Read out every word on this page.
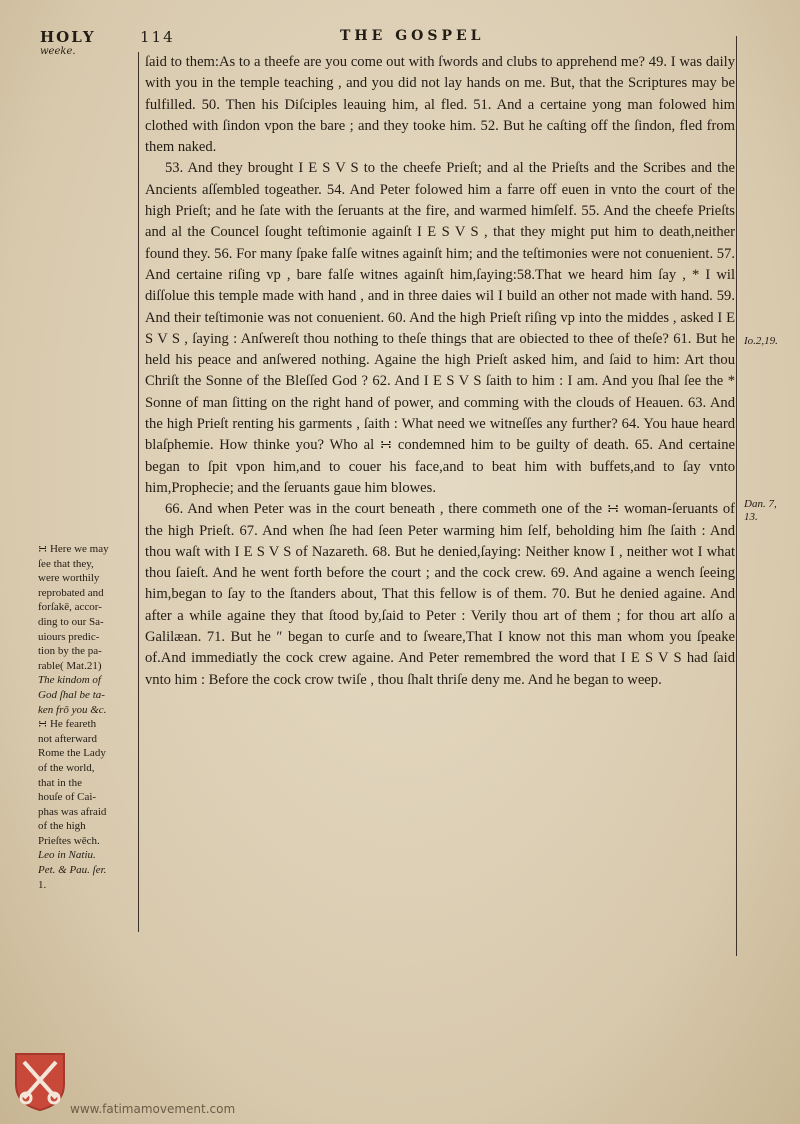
HOLY
weeke.
114	THE GOSPEL

ſaid to them:As to a theefe are you come out with ſwords and clubs to apprehend me? 49. I was daily with you in the temple teaching , and you did not lay hands on me. But, that the Scriptures may be fulfilled. 50. Then his Diſciples leauing him, al fled. 51. And a certaine yong man folowed him clothed with ſindon vpon the bare ; and they tooke him. 52. But he caſting off the ſindon, fled from them naked.

53. And they brought I E S V S to the cheefe Prieſt; and al the Prieſts and the Scribes and the Ancients aſſembled togeather. 54. And Peter folowed him a farre off euen in vnto the court of the high Prieſt; and he ſate with the ſeruants at the fire, and warmed himſelf. 55. And the cheefe Prieſts and al the Councel ſought teſtimonie againſt I E S V S , that they might put him to death,neither found they. 56. For many ſpake falſe witnes againſt him; and the teſtimonies were not conuenient. 57. And certaine riſing vp , bare falſe witnes againſt him,ſaying:58.That we heard him ſay , * I wil diſſolue this temple made with hand , and in three daies wil I build an other not made with hand. 59. And their teſtimonie was not conuenient. 60. And the high Prieſt riſing vp into the middes , asked I E S V S , ſaying : Anſwereſt thou nothing to theſe things that are obiected to thee of theſe? 61. But he held his peace and anſwered nothing. Againe the high Prieſt asked him, and ſaid to him: Art thou Chriſt the Sonne of the Bleſſed God ? 62. And I E S V S ſaith to him : I am. And you ſhal ſee the * Sonne of man ſitting on the right hand of power, and comming with the clouds of Heauen. 63. And the high Prieſt renting his garments , ſaith : What need we witneſſes any further? 64. You haue heard blaſphemie. How thinke you? Who al ∺ condemned him to be guilty of death. 65. And certaine began to ſpit vpon him,and to couer his face,and to beat him with buffets,and to ſay vnto him,Prophecie; and the ſeruants gaue him blowes.

66. And when Peter was in the court beneath , there commeth one of the ∺ woman-ſeruants of the high Prieſt. 67. And when ſhe had ſeen Peter warming him ſelf, beholding him ſhe ſaith : And thou waſt with I E S V S of Nazareth. 68. But he denied,ſaying: Neither know I , neither wot I what thou ſaieſt. And he went forth before the court ; and the cock crew. 69. And againe a wench ſeeing him,began to ſay to the ſtanders about, That this fellow is of them. 70. But he denied againe. And after a while againe they that ſtood by,ſaid to Peter : Verily thou art of them ; for thou art alſo a Galilæan. 71. But he ″ began to curſe and to ſweare,That I know not this man whom you ſpeake of.And immediatly the cock crew againe. And Peter remembred the word that I E S V S had ſaid vnto him : Before the cock crow twiſe , thou ſhalt thriſe deny me. And he began to weep.

∺ Here we may
ſee that they,
were worthily
reprobated and
forſakē, accor-
ding to our Sa-
uiours predic-
tion by the pa-
rable( Mat.21)
The kindom of
God ſhal be ta-
ken frō you &c.
∺ He feareth
not afterward
Rome the Lady
of the world,
that in the
houſe of Cai-
phas was afraid
of the high
Prieſtes wēch.
Leo in Natiu.
Pet. & Pau. ſer.
1.
Io.2,19.
Dan. 7,
13.
www.fatimamovement.com
